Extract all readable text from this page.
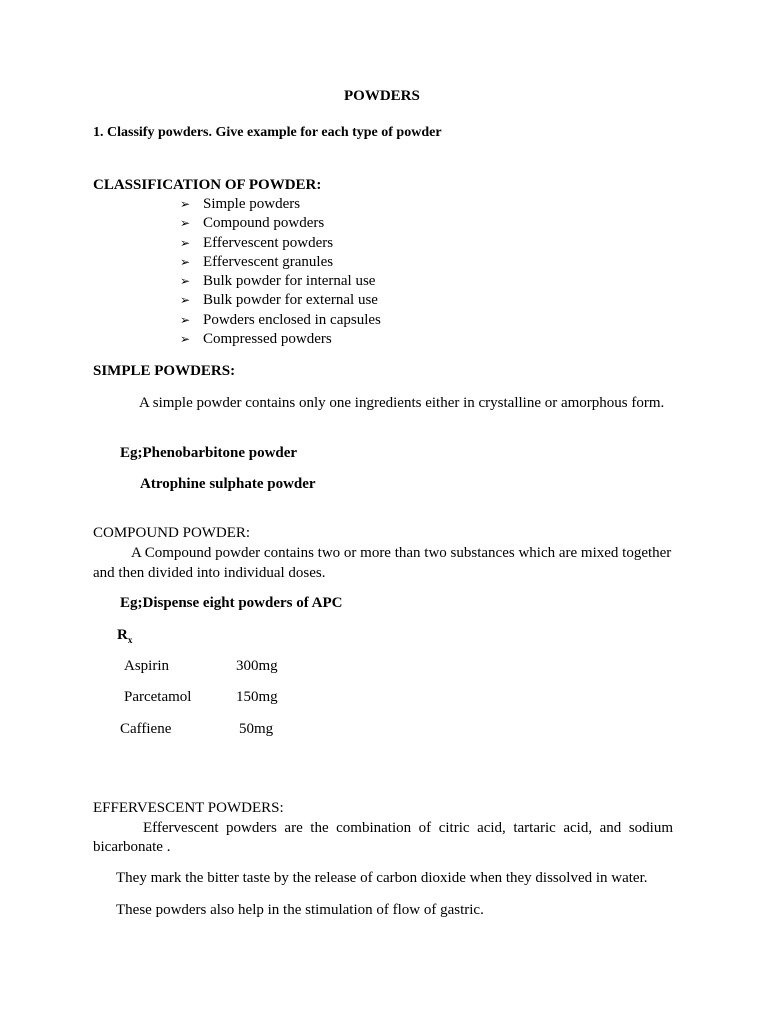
POWDERS
1. Classify powders. Give example for each type of powder
CLASSIFICATION OF POWDER:
➢ Simple powders
➢ Compound powders
➢ Effervescent powders
➢ Effervescent granules
➢ Bulk powder for internal use
➢ Bulk powder for external use
➢ Powders enclosed in capsules
➢ Compressed powders
SIMPLE POWDERS:
A simple powder contains only one ingredients either in crystalline or amorphous form.
Eg;Phenobarbitone powder
Atrophine sulphate powder
COMPOUND POWDER:
A Compound powder contains two or more than two substances which are mixed together and then divided into individual doses.
Eg;Dispense eight powders of APC
$R_x$
Aspirin	300mg
Parcetamol	150mg
Caffiene	50mg
EFFERVESCENT POWDERS:
Effervescent powders are the combination of citric acid, tartaric acid, and sodium bicarbonate .
They mark the bitter taste by the release of carbon dioxide when they dissolved in water.
These powders also help in the stimulation of flow of gastric.
